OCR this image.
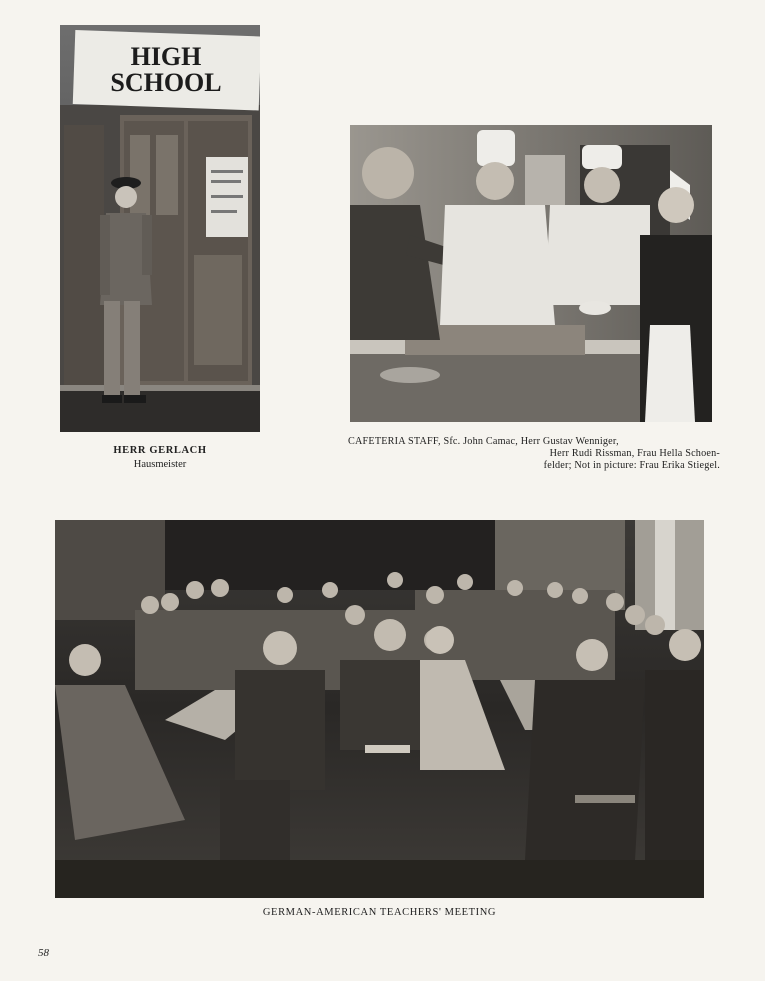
HIGH
SCHOOL
HERR GERLACH
Hausmeister
CAFETERIA STAFF, Sfc. John Camac, Herr Gustav Wenniger,
Herr Rudi Rissman, Frau Hella Schoen-
felder; Not in picture: Frau Erika Stiegel.
GERMAN-AMERICAN TEACHERS' MEETING
58
